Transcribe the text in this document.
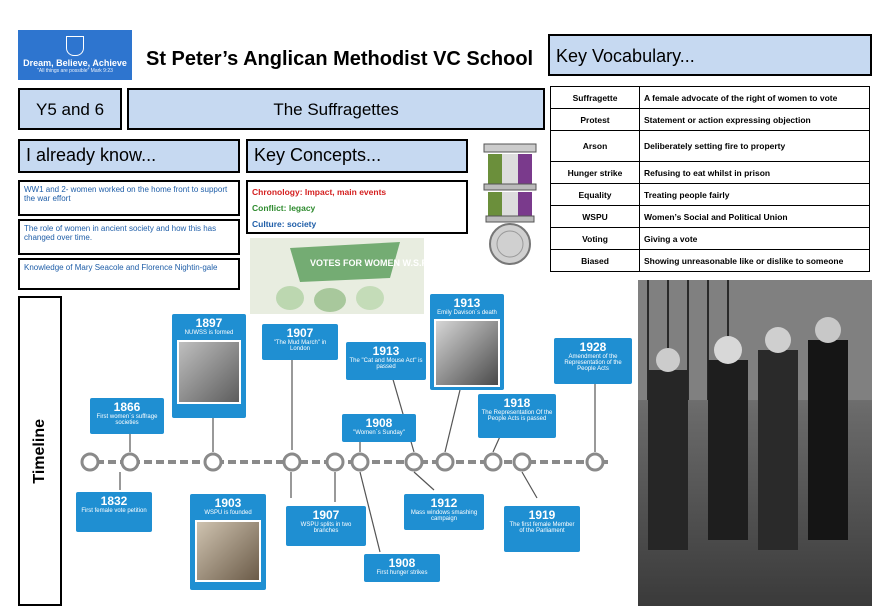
Dream, Believe, Achieve
"All things are possible" Mark 9:23
St Peter’s Anglican Methodist VC School	Key Vocabulary...
Y5 and 6	The Suffragettes
I already know...
WW1 and 2- women worked on the home front to support the war effort
The role of women in ancient society and how this has changed over time.
Knowledge of Mary Seacole and Florence Nightin-gale
Key Concepts...
Chronology: Impact, main events
Conflict: legacy
Culture: society
Suffragette	A female advocate of the right of women to vote
Protest	Statement or action expressing objection
Arson	Deliberately setting fire to property
Hunger strike	Refusing to eat whilst in prison
Equality	Treating people fairly
WSPU	Women’s Social and Political Union
Voting	Giving a vote
Biased	Showing unreasonable like or dislike to someone
VOTES FOR WOMEN W.S.P.U.
Timeline
1832
First female vote petition
1866
First women´s suffrage societies
1897
NUWSS is formed
1903
WSPU is founded
1907
"The Mud March" in London
1907
WSPU splits in two branches
1908
"Women´s Sunday"
1908
First hunger strikes
1912
Mass windows smashing campaign
1913
The "Cat and Mouse Act" is passed
1913
Emily Davison´s death
1918
The Representation Of the People Acts is passed
1919
The first female Member of the Parliament
1928
Amendment of the Representation of the People Acts
